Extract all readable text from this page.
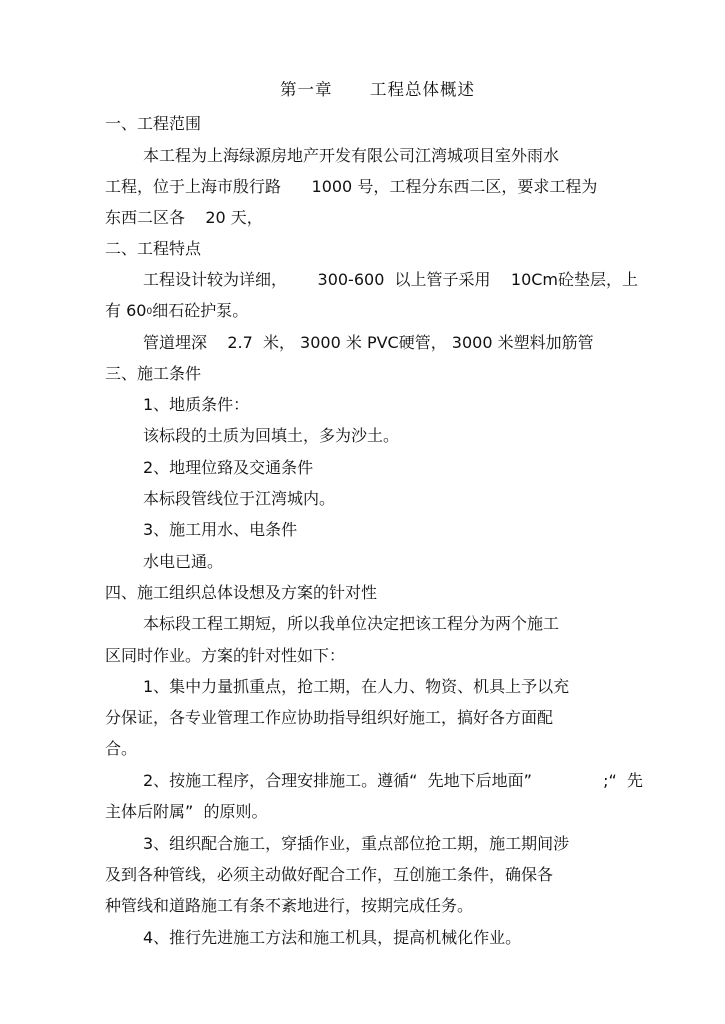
第一章      工程总体概述
一、工程范围
本工程为上海绿源房地产开发有限公司江湾城项目室外雨水
工程，位于上海市殷行路      1000 号，工程分东西二区，要求工程为
东西二区各    20 天，
二、工程特点
工程设计较为详细，      300-600  以上管子采用    10Cm砼垫层，上
有 $60^0$细石砼护泵。
管道埋深    2.7  米， 3000 米 PVC硬管， 3000 米塑料加筋管
三、施工条件
1、地质条件：
该标段的土质为回填土，多为沙土。
2、地理位臵及交通条件
本标段管线位于江湾城内。
3、施工用水、电条件
水电已通。
四、施工组织总体设想及方案的针对性
本标段工程工期短，所以我单位决定把该工程分为两个施工
区同时作业。方案的针对性如下：
1、集中力量抓重点，抢工期，在人力、物资、机具上予以充
分保证，各专业管理工作应协助指导组织好施工，搞好各方面配
合。
2、按施工程序，合理安排施工。遵循“  先地下后地面”              ;“  先
主体后附属”  的原则。
3、组织配合施工，穿插作业，重点部位抢工期，施工期间涉
及到各种管线，必须主动做好配合工作，互创施工条件，确保各
种管线和道路施工有条不紊地进行，按期完成任务。
4、推行先进施工方法和施工机具，提高机械化作业。
